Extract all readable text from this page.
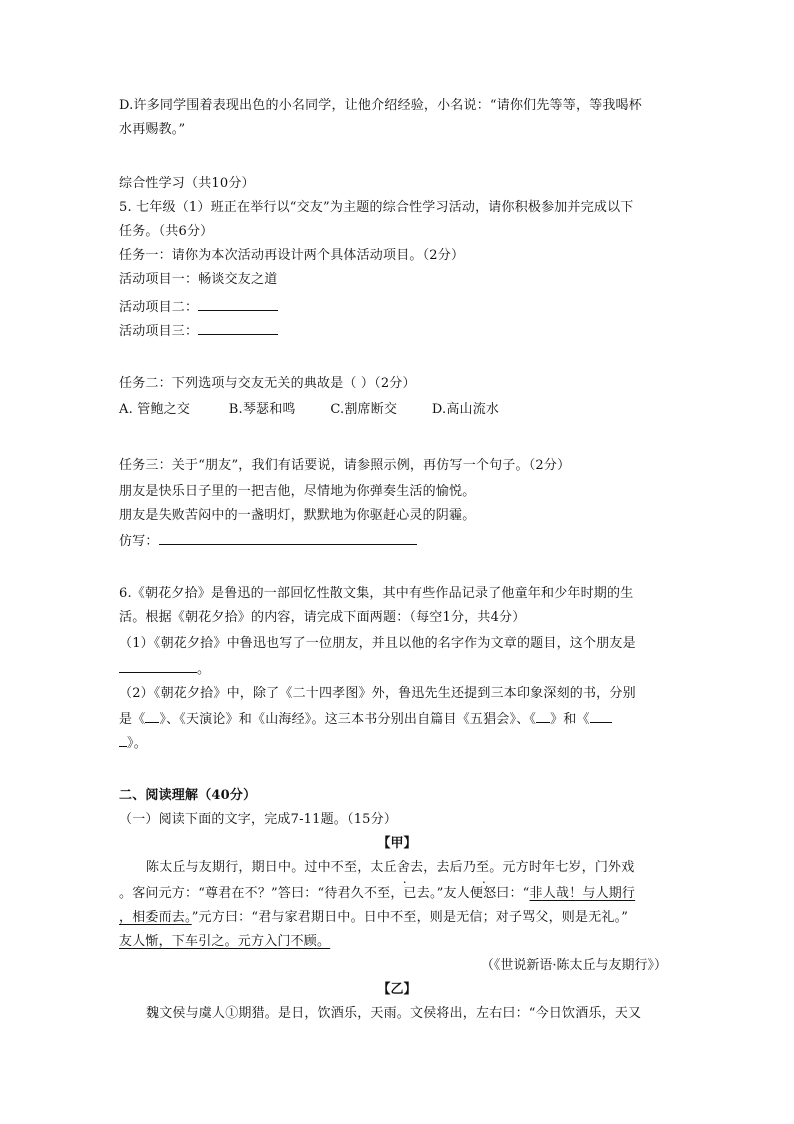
D.许多同学围着表现出色的小名同学，让他介绍经验，小名说：“请你们先等等，等我喝杯
水再赐教。”
综合性学习（共10分）
5. 七年级（1）班正在举行以“交友”为主题的综合性学习活动，请你积极参加并完成以下
任务。（共6分）
任务一：请你为本次活动再设计两个具体活动项目。（2分）
活动项目一：畅谈交友之道
活动项目二：
活动项目三：
任务二：下列选项与交友无关的典故是（ ）（2分）
A. 管鲍之交	B.琴瑟和鸣	C.割席断交	D.高山流水
任务三：关于“朋友”，我们有话要说，请参照示例，再仿写一个句子。（2分）
朋友是快乐日子里的一把吉他，尽情地为你弹奏生活的愉悦。
朋友是失败苦闷中的一盏明灯，默默地为你驱赶心灵的阴霾。
仿写：
6.《朝花夕拾》是鲁迅的一部回忆性散文集，其中有些作品记录了他童年和少年时期的生
活。根据《朝花夕拾》的内容，请完成下面两题：（每空1分，共4分）
（1）《朝花夕拾》中鲁迅也写了一位朋友，并且以他的名字作为文章的题目，这个朋友是
。
（2）《朝花夕拾》中，除了《二十四孝图》外，鲁迅先生还提到三本印象深刻的书，分别
是《 》、《天演论》和《山海经》。这三本书分别出自篇目《五猖会》、《 》和《
》。
二、阅读理解（40分）
（一）阅读下面的文字，完成7-11题。（15分）
【甲】
陈太丘与友期行，期日中。过中不至，太丘舍去，去后乃至。元方时年七岁，门外戏
。客问元方：“尊君在不？”答曰：“待君久不至，已去。”友人便怒曰：“非人哉！与人期行
，相委而去。”元方曰：“君与家君期日中。日中不至，则是无信；对子骂父，则是无礼。”
友人惭，下车引之。元方入门不顾。
（《世说新语·陈太丘与友期行》）
【乙】
魏文侯与虞人①期猎。是日，饮酒乐，天雨。文侯将出，左右曰：“今日饮酒乐，天又
